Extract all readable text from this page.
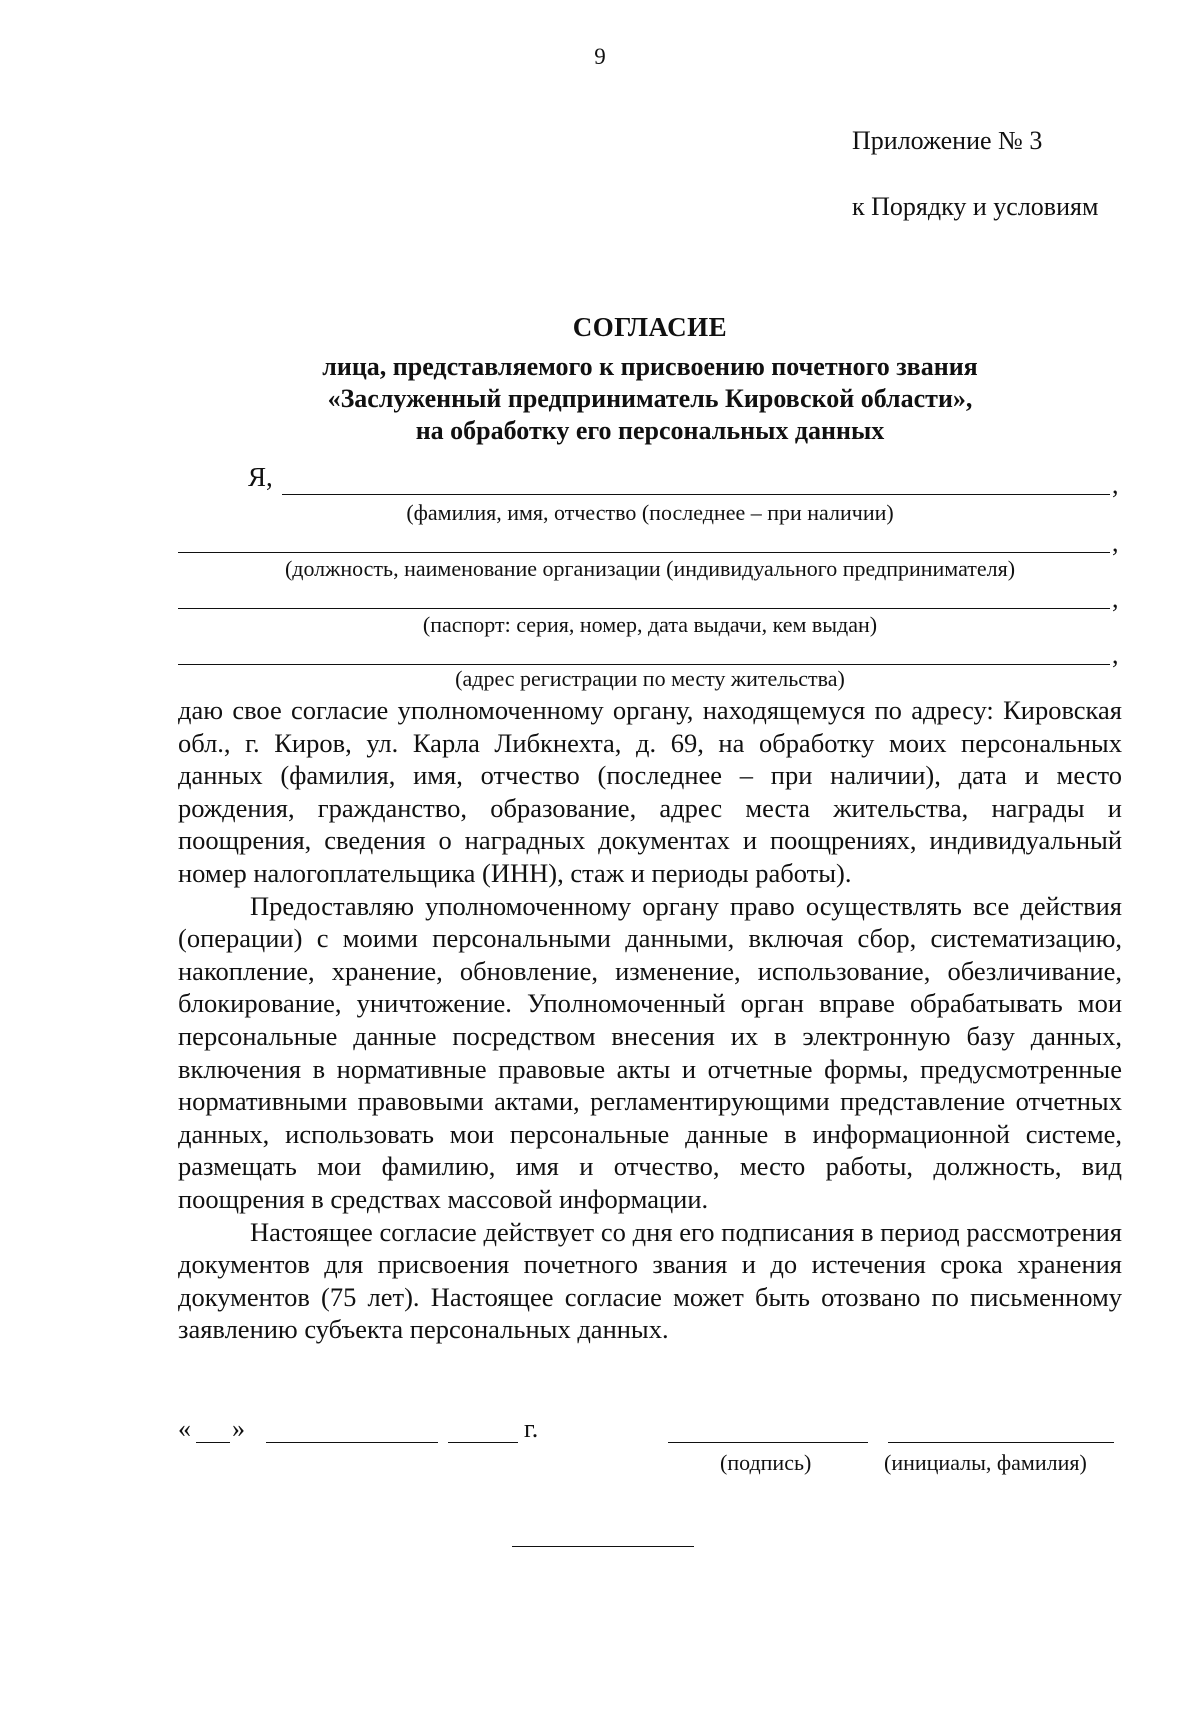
9
Приложение № 3
к Порядку и условиям
СОГЛАСИЕ
лица, представляемого к присвоению почетного звания
«Заслуженный предприниматель Кировской области»,
на обработку его персональных данных
Я,	,
(фамилия, имя, отчество (последнее – при наличии)
,
(должность, наименование организации (индивидуального предпринимателя)
,
(паспорт: серия, номер, дата выдачи, кем выдан)
,
(адрес регистрации по месту жительства)

даю свое согласие уполномоченному органу, находящемуся по адресу: Кировская обл., г. Киров, ул. Карла Либкнехта, д. 69, на обработку моих персональных данных (фамилия, имя, отчество (последнее – при наличии), дата и место рождения, гражданство, образование, адрес места жительства, награды и поощрения, сведения о наградных документах и поощрениях, индивидуальный номер налогоплательщика (ИНН), стаж и периоды работы).

Предоставляю уполномоченному органу право осуществлять все действия (операции) с моими персональными данными, включая сбор, систематизацию, накопление, хранение, обновление, изменение, использование, обезличивание, блокирование, уничтожение. Уполномоченный орган вправе обрабатывать мои персональные данные посредством внесения их в электронную базу данных, включения в нормативные правовые акты и отчетные формы, предусмотренные нормативными правовыми актами, регламентирующими представление отчетных данных, использовать мои персональные данные в информационной системе, размещать мои фамилию, имя и отчество, место работы, должность, вид поощрения в средствах массовой информации.

Настоящее согласие действует со дня его подписания в период рассмотрения документов для присвоения почетного звания и до истечения срока хранения документов (75 лет). Настоящее согласие может быть отозвано по письменному заявлению субъекта персональных данных.

« »	г.
(подпись)	(инициалы, фамилия)
